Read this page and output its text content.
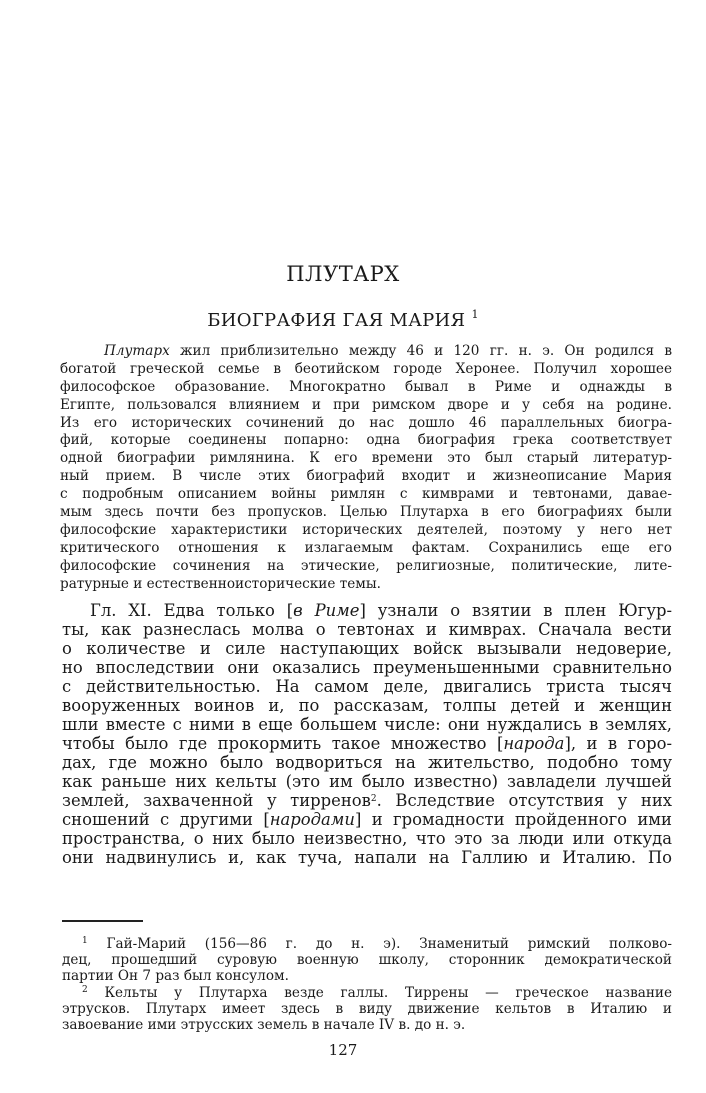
ПЛУТАРХ
БИОГРАФИЯ ГАЯ МАРИЯ $^1$
Плутарх жил приблизительно между 46 и 120 гг. н. э. Он родился в
богатой греческой семье в беотийском городе Херонее. Получил хорошее
философское образование. Многократно бывал в Риме и однажды в
Египте, пользовался влиянием и при римском дворе и у себя на родине.
Из его исторических сочинений до нас дошло 46 параллельных биогра-
фий, которые соединены попарно: одна биография грека соответствует
одной биографии римлянина. К его времени это был старый литератур-
ный прием. В числе этих биографий входит и жизнеописание Мария
с подробным описанием войны римлян с кимврами и тевтонами, давае-
мым здесь почти без пропусков. Целью Плутарха в его биографиях были
философские характеристики исторических деятелей, поэтому у него нет
критического отношения к излагаемым фактам. Сохранились еще его
философские сочинения на этические, религиозные, политические, лите-
ратурные и естественноисторические темы.
Гл. XI. Едва только [в Риме] узнали о взятии в плен Югур-
ты, как разнеслась молва о тевтонах и кимврах. Сначала вести
о количестве и силе наступающих войск вызывали недоверие,
но впоследствии они оказались преуменьшенными сравнительно
с действительностью. На самом деле, двигались триста тысяч
вооруженных воинов и, по рассказам, толпы детей и женщин
шли вместе с ними в еще большем числе: они нуждались в землях,
чтобы было где прокормить такое множество [народа], и в горо-
дах, где можно было водвориться на жительство, подобно тому
как раньше них кельты (это им было известно) завладели лучшей
землей, захваченной у тирренов$^2$. Вследствие отсутствия у них
сношений с другими [народами] и громадности пройденного ими
пространства, о них было неизвестно, что это за люди или откуда
они надвинулись и, как туча, напали на Галлию и Италию. По
$^1$ Гай-Марий (156—86 г. до н. э). Знаменитый римский полково-
дец, прошедший суровую военную школу, сторонник демократической
партии Он 7 раз был консулом.
$^2$ Кельты у Плутарха везде галлы. Тиррены — греческое название
этрусков. Плутарх имеет здесь в виду движение кельтов в Италию и
завоевание ими этрусских земель в начале IV в. до н. э.
127
